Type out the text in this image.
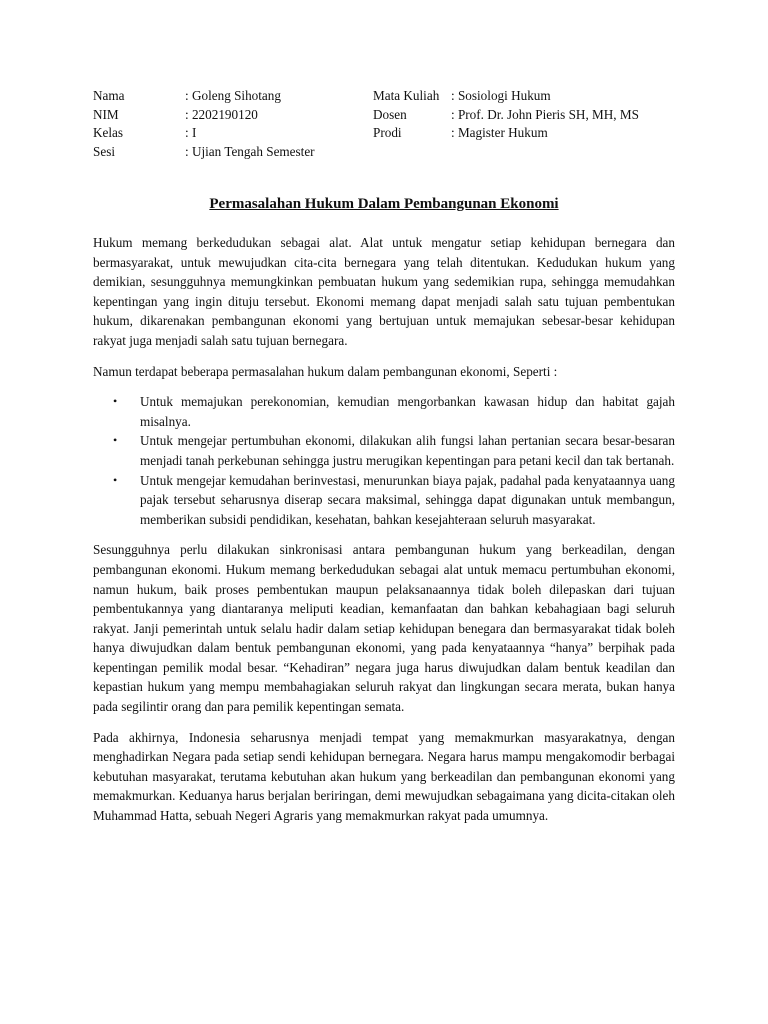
Nama	: Goleng Sihotang	Mata Kuliah : Sosiologi Hukum
NIM	: 2202190120	Dosen	: Prof. Dr. John Pieris SH, MH, MS
Kelas	: I	Prodi	: Magister Hukum
Sesi	: Ujian Tengah Semester
Permasalahan Hukum Dalam Pembangunan Ekonomi

Hukum memang berkedudukan sebagai alat. Alat untuk mengatur setiap kehidupan bernegara dan bermasyarakat, untuk mewujudkan cita-cita bernegara yang telah ditentukan. Kedudukan hukum yang demikian, sesungguhnya memungkinkan pembuatan hukum yang sedemikian rupa, sehingga memudahkan kepentingan yang ingin dituju tersebut. Ekonomi memang dapat menjadi salah satu tujuan pembentukan hukum, dikarenakan pembangunan ekonomi yang bertujuan untuk memajukan sebesar-besar kehidupan rakyat juga menjadi salah satu tujuan bernegara.

Namun terdapat beberapa permasalahan hukum dalam pembangunan ekonomi, Seperti :

• Untuk memajukan perekonomian, kemudian mengorbankan kawasan hidup dan habitat gajah misalnya.
• Untuk mengejar pertumbuhan ekonomi, dilakukan alih fungsi lahan pertanian secara besar-besaran menjadi tanah perkebunan sehingga justru merugikan kepentingan para petani kecil dan tak bertanah.
• Untuk mengejar kemudahan berinvestasi, menurunkan biaya pajak, padahal pada kenyataannya uang pajak tersebut seharusnya diserap secara maksimal, sehingga dapat digunakan untuk membangun, memberikan subsidi pendidikan, kesehatan, bahkan kesejahteraan seluruh masyarakat.

Sesungguhnya perlu dilakukan sinkronisasi antara pembangunan hukum yang berkeadilan, dengan pembangunan ekonomi. Hukum memang berkedudukan sebagai alat untuk memacu pertumbuhan ekonomi, namun hukum, baik proses pembentukan maupun pelaksanaannya tidak boleh dilepaskan dari tujuan pembentukannya yang diantaranya meliputi keadian, kemanfaatan dan bahkan kebahagiaan bagi seluruh rakyat. Janji pemerintah untuk selalu hadir dalam setiap kehidupan benegara dan bermasyarakat tidak boleh hanya diwujudkan dalam bentuk pembangunan ekonomi, yang pada kenyataannya “hanya” berpihak pada kepentingan pemilik modal besar. “Kehadiran” negara juga harus diwujudkan dalam bentuk keadilan dan kepastian hukum yang mempu membahagiakan seluruh rakyat dan lingkungan secara merata, bukan hanya pada segilintir orang dan para pemilik kepentingan semata.

Pada akhirnya, Indonesia seharusnya menjadi tempat yang memakmurkan masyarakatnya, dengan menghadirkan Negara pada setiap sendi kehidupan bernegara. Negara harus mampu mengakomodir berbagai kebutuhan masyarakat, terutama kebutuhan akan hukum yang berkeadilan dan pembangunan ekonomi yang memakmurkan. Keduanya harus berjalan beriringan, demi mewujudkan sebagaimana yang dicita-citakan oleh Muhammad Hatta, sebuah Negeri Agraris yang memakmurkan rakyat pada umumnya.
